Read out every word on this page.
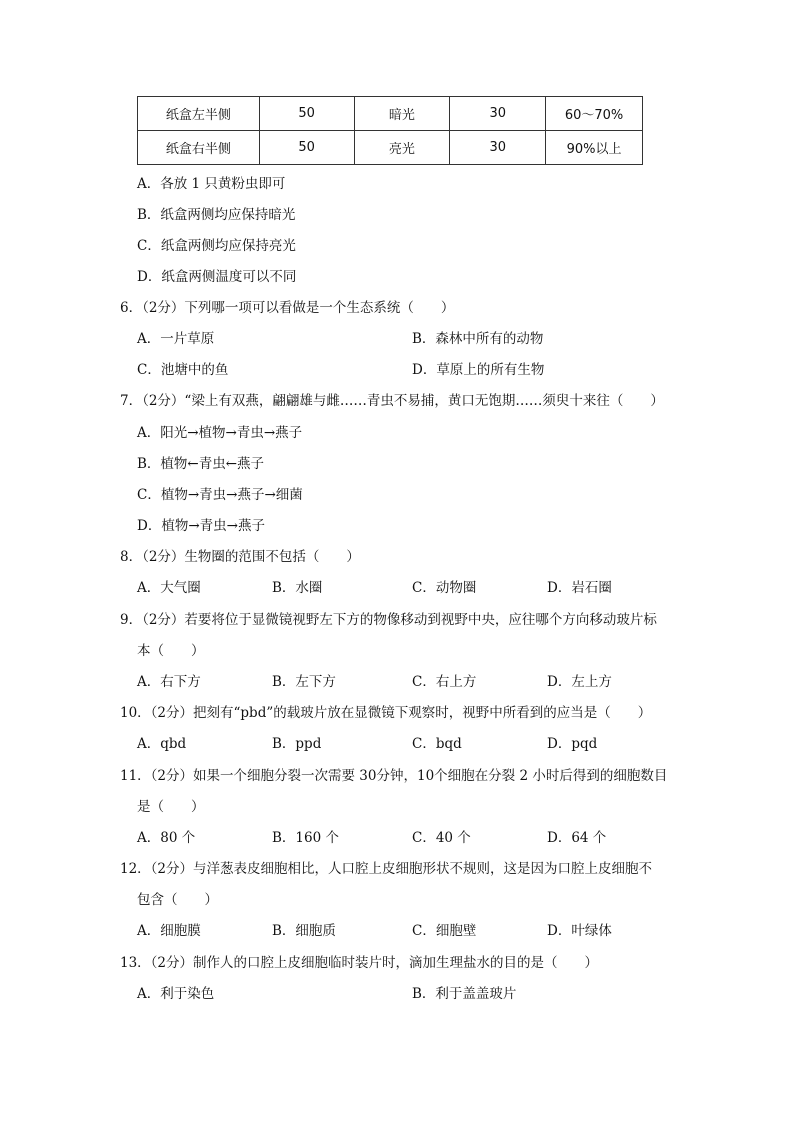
纸盒左半侧	50	暗光	30	60～70%
纸盒右半侧	50	亮光	30	90%以上
A．各放 1 只黄粉虫即可
B．纸盒两侧均应保持暗光
C．纸盒两侧均应保持亮光
D．纸盒两侧温度可以不同
6．（2分）下列哪一项可以看做是一个生态系统（　　）
A．一片草原	B．森林中所有的动物
C．池塘中的鱼	D．草原上的所有生物
7．（2分）“梁上有双燕，翩翩雄与雌……青虫不易捕，黄口无饱期……须臾十来往（　　）
A．阳光→植物→青虫→燕子
B．植物←青虫←燕子
C．植物→青虫→燕子→细菌
D．植物→青虫→燕子
8．（2分）生物圈的范围不包括（　　）
A．大气圈	B．水圈	C．动物圈	D．岩石圈
9．（2分）若要将位于显微镜视野左下方的物像移动到视野中央，应往哪个方向移动玻片标
本（　　）
A．右下方	B．左下方	C．右上方	D．左上方
10．（2分）把刻有“pbd”的载玻片放在显微镜下观察时，视野中所看到的应当是（　　）
A．qbd	B．ppd	C．bqd	D．pqd
11．（2分）如果一个细胞分裂一次需要 30分钟，10个细胞在分裂 2 小时后得到的细胞数目
是（　　）
A．80 个	B．160 个	C．40 个	D．64 个
12．（2分）与洋葱表皮细胞相比，人口腔上皮细胞形状不规则，这是因为口腔上皮细胞不
包含（　　）
A．细胞膜	B．细胞质	C．细胞壁	D．叶绿体
13．（2分）制作人的口腔上皮细胞临时装片时，滴加生理盐水的目的是（　　）
A．利于染色	B．利于盖盖玻片
